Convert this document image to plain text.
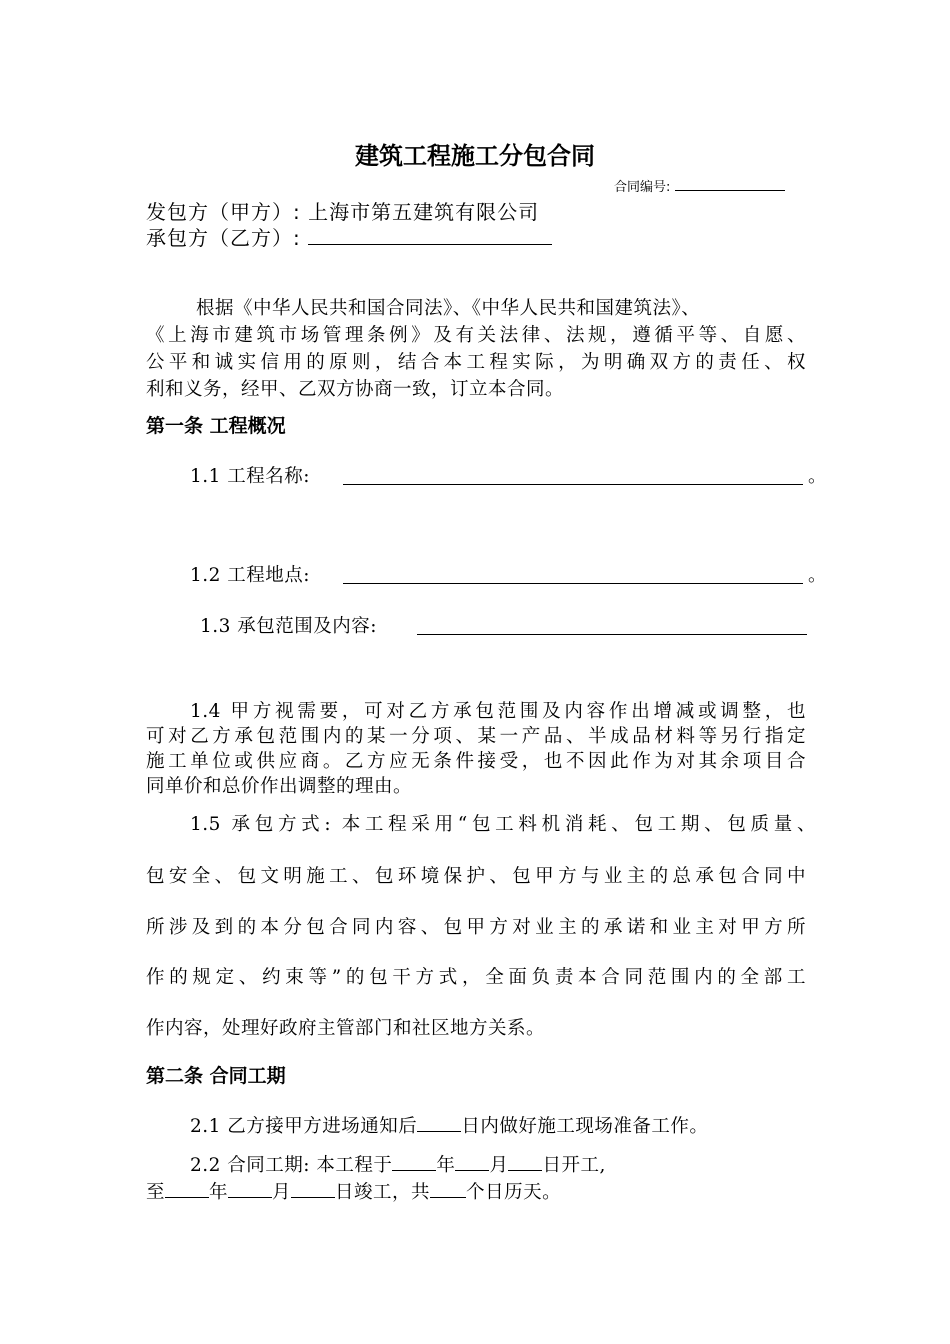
建筑工程施工分包合同
合同编号:
发包方（甲方）: 上海市第五建筑有限公司
承包方（乙方）:
根据《中华人民共和国合同法》、《中华人民共和国建筑法》、
《上海市建筑市场管理条例》及有关法律、法规，遵循平等、自愿、
公平和诚实信用的原则，结合本工程实际，为明确双方的责任、权
利和义务，经甲、乙双方协商一致，订立本合同。
第一条 工程概况
1.1 工程名称:	。
1.2 工程地点:	。
1.3 承包范围及内容:
1.4 甲方视需要，可对乙方承包范围及内容作出增减或调整，也
可对乙方承包范围内的某一分项、某一产品、半成品材料等另行指定
施工单位或供应商。乙方应无条件接受，也不因此作为对其余项目合
同单价和总价作出调整的理由。
1.5 承包方式: 本工程采用“包工料机消耗、包工期、包质量、
包安全、包文明施工、包环境保护、包甲方与业主的总承包合同中
所涉及到的本分包合同内容、包甲方对业主的承诺和业主对甲方所
作的规定、约束等”的包干方式，全面负责本合同范围内的全部工
作内容，处理好政府主管部门和社区地方关系。
第二条 合同工期
2.1 乙方接甲方进场通知后 日内做好施工现场准备工作。
2.2 合同工期: 本工程于 年 月 日开工,
至 年 月 日竣工，共 个日历天。
